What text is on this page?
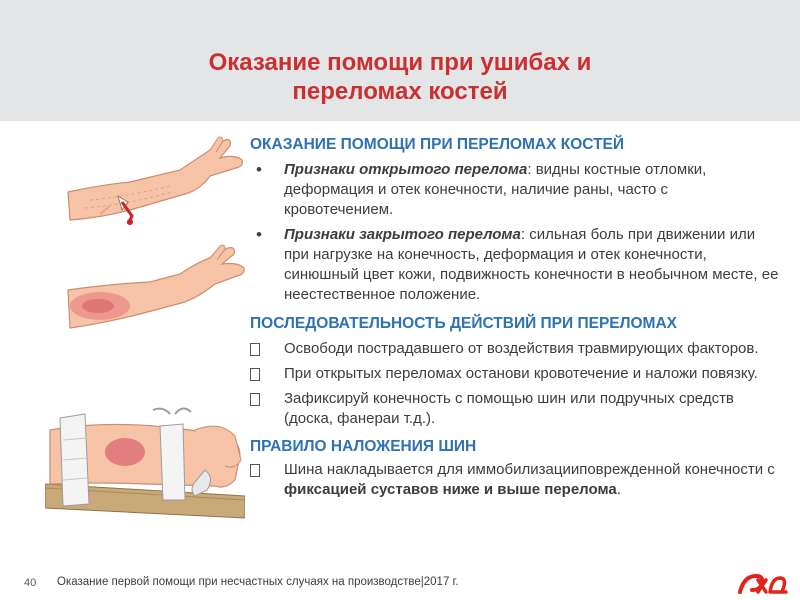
Оказание помощи при ушибах и
переломах костей
ОКАЗАНИЕ ПОМОЩИ ПРИ ПЕРЕЛОМАХ КОСТЕЙ
• Признаки открытого перелома: видны костные отломки, деформация и отек конечности, наличие раны, часто с кровотечением.
• Признаки закрытого перелома: сильная боль при движении или при нагрузке на конечность, деформация и отек конечности, синюшный цвет кожи, подвижность конечности в необычном месте, ее неестественное положение.
ПОСЛЕДОВАТЕЛЬНОСТЬ ДЕЙСТВИЙ ПРИ ПЕРЕЛОМАХ
Освободи пострадавшего от воздействия травмирующих факторов.
При открытых переломах останови кровотечение и наложи повязку.
Зафиксируй конечность с помощью шин или подручных средств (доска, фанераи т.д.).
ПРАВИЛО НАЛОЖЕНИЯ ШИН
Шина накладывается для иммобилизацииповрежденной конечности с фиксацией суставов ниже и выше перелома.
40 Оказание первой помощи при несчастных случаях на производстве|2017 г.
